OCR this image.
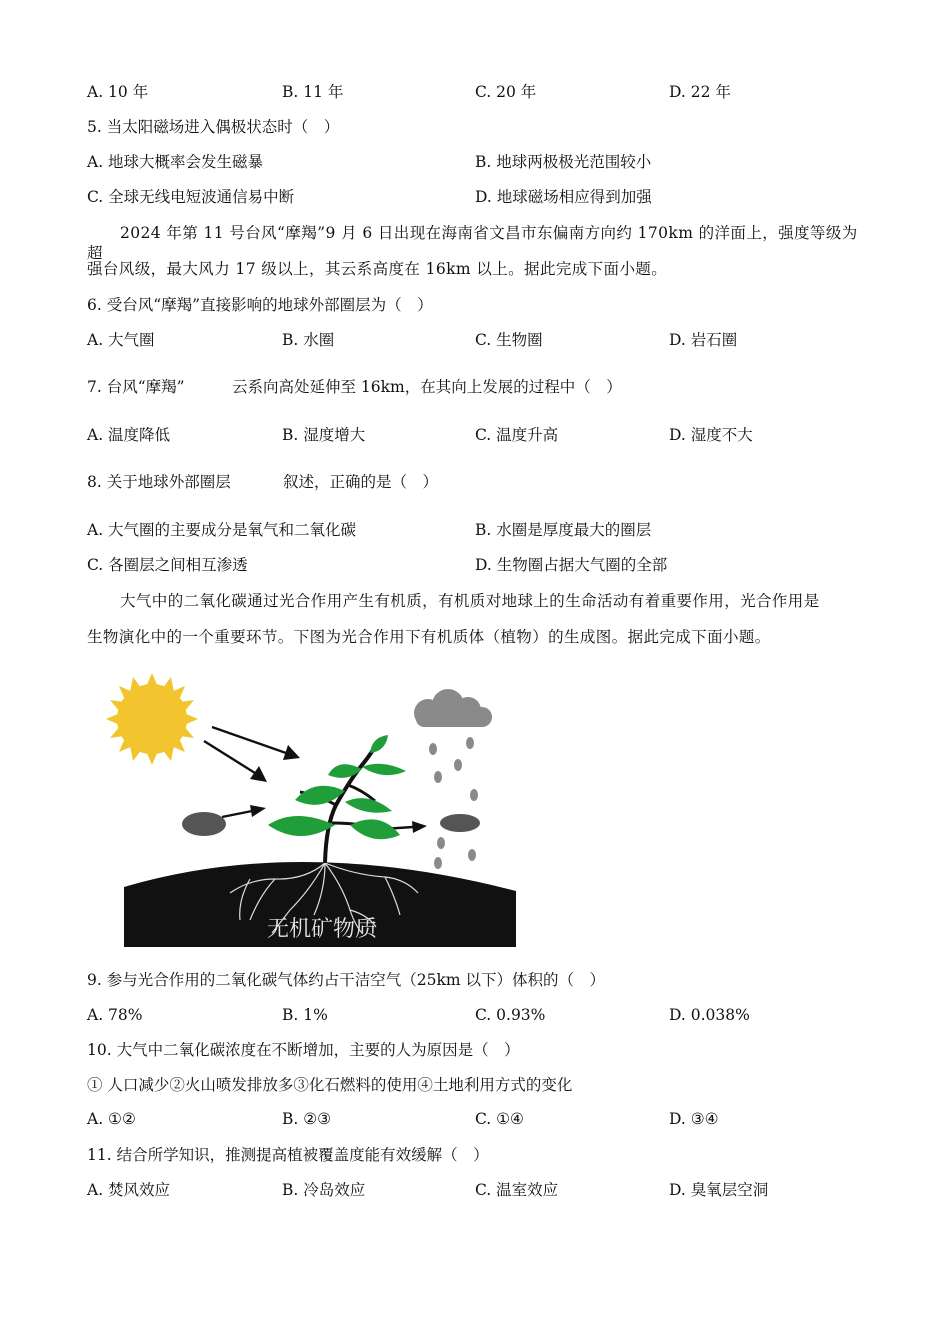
A. 10 年	B. 11 年	C. 20 年	D. 22 年
5. 当太阳磁场进入偶极状态时（　）
A. 地球大概率会发生磁暴	B. 地球两极极光范围较小
C. 全球无线电短波通信易中断	D. 地球磁场相应得到加强
2024 年第 11 号台风“摩羯”9 月 6 日出现在海南省文昌市东偏南方向约 170km 的洋面上，强度等级为超
强台风级，最大风力 17 级以上，其云系高度在 16km 以上。据此完成下面小题。
6. 受台风“摩羯”直接影响的地球外部圈层为（　）
A. 大气圈	B. 水圈	C. 生物圈	D. 岩石圈
7. 台风“摩羯”	云系向高处延伸至 16km，在其向上发展的过程中（　）
A. 温度降低	B. 湿度增大	C. 温度升高	D. 湿度不大
8. 关于地球外部圈层	叙述，正确的是（　）
A. 大气圈的主要成分是氧气和二氧化碳	B. 水圈是厚度最大的圈层
C. 各圈层之间相互渗透	D. 生物圈占据大气圈的全部
大气中的二氧化碳通过光合作用产生有机质，有机质对地球上的生命活动有着重要作用，光合作用是
生物演化中的一个重要环节。下图为光合作用下有机质体（植物）的生成图。据此完成下面小题。
无机矿物质
9. 参与光合作用的二氧化碳气体约占干洁空气（25km 以下）体积的（　）
A. 78%	B. 1%	C. 0.93%	D. 0.038%
10. 大气中二氧化碳浓度在不断增加，主要的人为原因是（　）
① 人口减少②火山喷发排放多③化石燃料的使用④土地利用方式的变化
A. ①②	B. ②③	C. ①④	D. ③④
11. 结合所学知识，推测提高植被覆盖度能有效缓解（　）
A. 焚风效应	B. 冷岛效应	C. 温室效应	D. 臭氧层空洞
